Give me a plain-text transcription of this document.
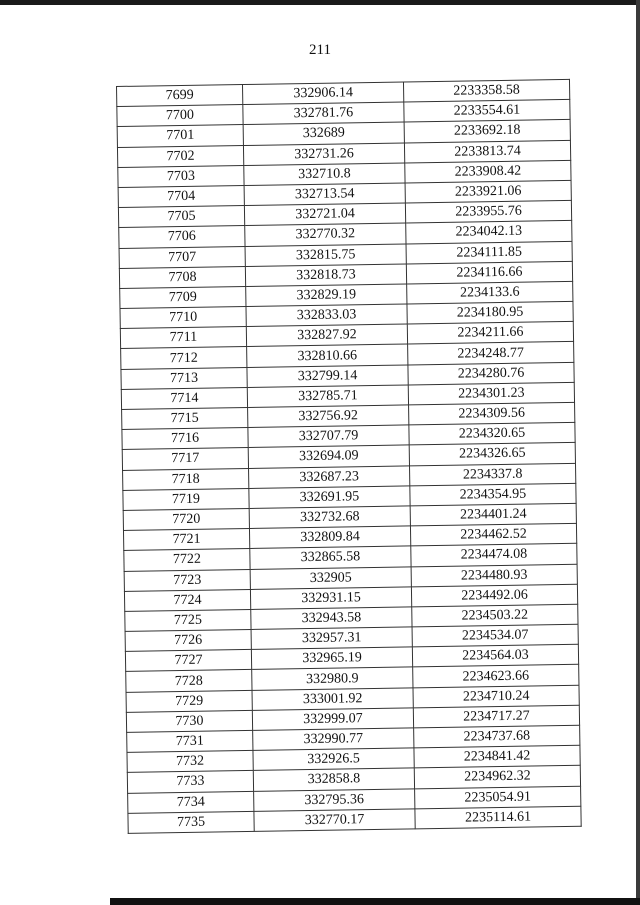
211
7699	332906.14	2233358.58
7700	332781.76	2233554.61
7701	332689	2233692.18
7702	332731.26	2233813.74
7703	332710.8	2233908.42
7704	332713.54	2233921.06
7705	332721.04	2233955.76
7706	332770.32	2234042.13
7707	332815.75	2234111.85
7708	332818.73	2234116.66
7709	332829.19	2234133.6
7710	332833.03	2234180.95
7711	332827.92	2234211.66
7712	332810.66	2234248.77
7713	332799.14	2234280.76
7714	332785.71	2234301.23
7715	332756.92	2234309.56
7716	332707.79	2234320.65
7717	332694.09	2234326.65
7718	332687.23	2234337.8
7719	332691.95	2234354.95
7720	332732.68	2234401.24
7721	332809.84	2234462.52
7722	332865.58	2234474.08
7723	332905	2234480.93
7724	332931.15	2234492.06
7725	332943.58	2234503.22
7726	332957.31	2234534.07
7727	332965.19	2234564.03
7728	332980.9	2234623.66
7729	333001.92	2234710.24
7730	332999.07	2234717.27
7731	332990.77	2234737.68
7732	332926.5	2234841.42
7733	332858.8	2234962.32
7734	332795.36	2235054.91
7735	332770.17	2235114.61
